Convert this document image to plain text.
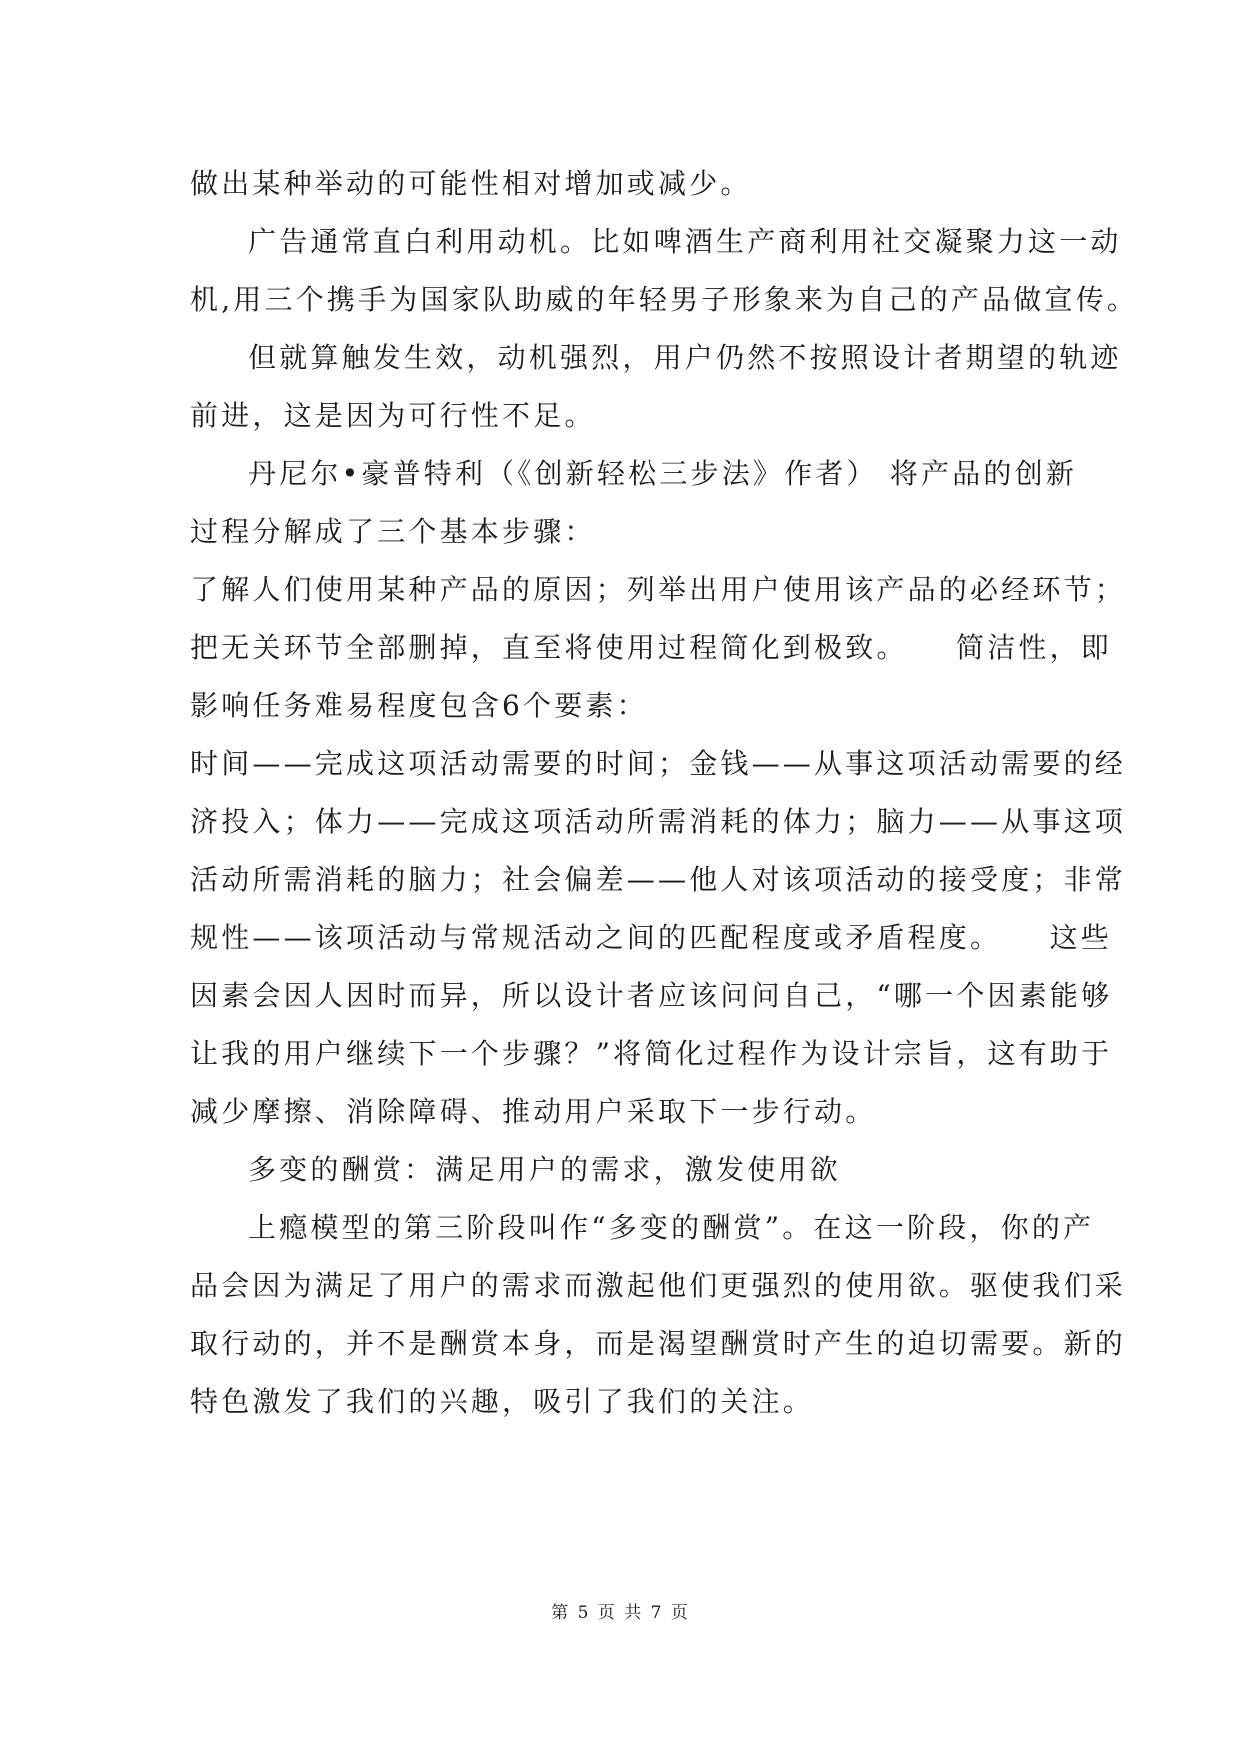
做出某种举动的可能性相对增加或减少。
广告通常直白利用动机。比如啤酒生产商利用社交凝聚力这一动
机,用三个携手为国家队助威的年轻男子形象来为自己的产品做宣传。
但就算触发生效，动机强烈，用户仍然不按照设计者期望的轨迹
前进，这是因为可行性不足。
丹尼尔•豪普特利（《创新轻松三步法》作者） 将产品的创新
过程分解成了三个基本步骤：
了解人们使用某种产品的原因；列举出用户使用该产品的必经环节；
把无关环节全部删掉，直至将使用过程简化到极致。　　简洁性，即
影响任务难易程度包含6个要素：
时间——完成这项活动需要的时间；金钱——从事这项活动需要的经
济投入；体力——完成这项活动所需消耗的体力；脑力——从事这项
活动所需消耗的脑力；社会偏差——他人对该项活动的接受度；非常
规性——该项活动与常规活动之间的匹配程度或矛盾程度。　　这些
因素会因人因时而异，所以设计者应该问问自己，“哪一个因素能够
让我的用户继续下一个步骤？”将简化过程作为设计宗旨，这有助于
减少摩擦、消除障碍、推动用户采取下一步行动。
多变的酬赏：满足用户的需求，激发使用欲
上瘾模型的第三阶段叫作“多变的酬赏”。在这一阶段，你的产
品会因为满足了用户的需求而激起他们更强烈的使用欲。驱使我们采
取行动的，并不是酬赏本身，而是渴望酬赏时产生的迫切需要。新的
特色激发了我们的兴趣，吸引了我们的关注。
第 5 页 共 7 页
